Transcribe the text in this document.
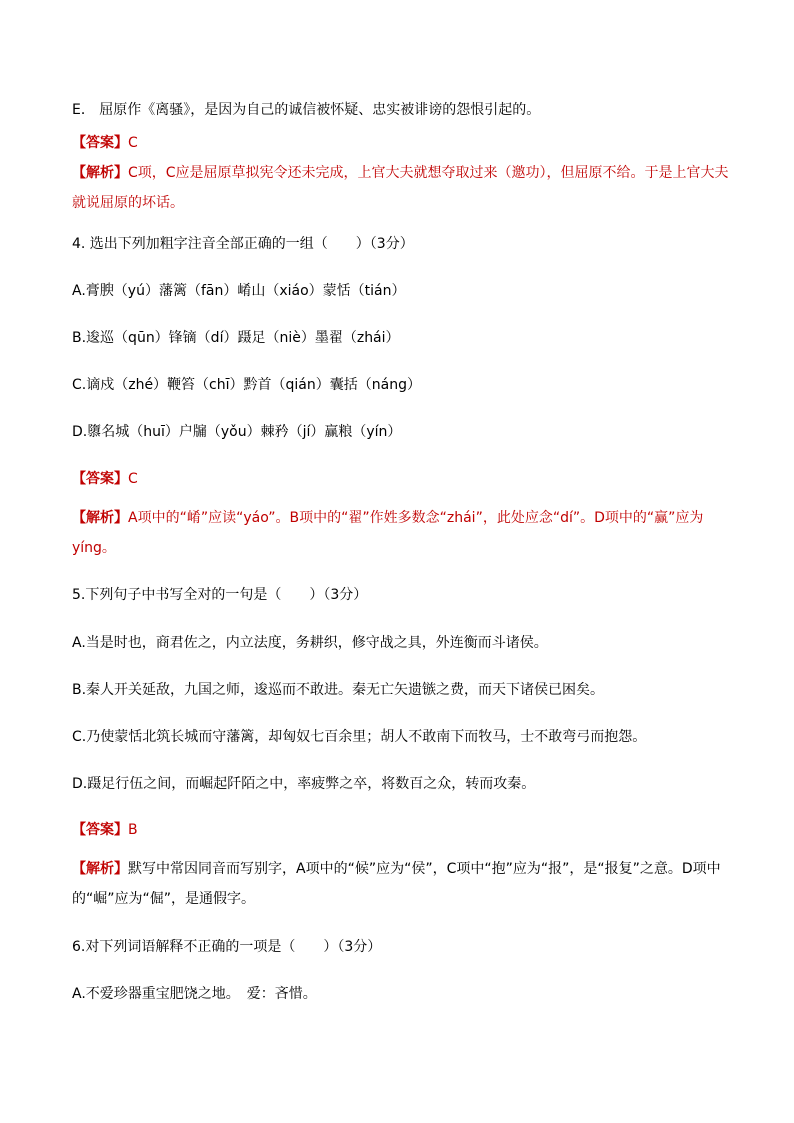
E． 屈原作《离骚》，是因为自己的诚信被怀疑、忠实被诽谤的怨恨引起的。
【答案】C
【解析】C项，C应是屈原草拟宪令还未完成，上官大夫就想夺取过来（邀功），但屈原不给。于是上官大夫就说屈原的坏话。
4. 选出下列加粗字注音全部正确的一组（　　）（3分）
A.膏腴（yú）藩篱（fān）崤山（xiáo）蒙恬（tián）
B.逡巡（qūn）锋镝（dí）蹑足（niè）墨翟（zhái）
C.谪戍（zhé）鞭笞（chī）黔首（qián）囊括（náng）
D.隳名城（huī）户牖（yǒu）棘矜（jí）赢粮（yín）
【答案】C
【解析】A项中的“崤”应读“yáo”。B项中的“翟”作姓多数念“zhái”，此处应念“dí”。D项中的“赢”应为yíng。
5.下列句子中书写全对的一句是（　　）（3分）
A.当是时也，商君佐之，内立法度，务耕织，修守战之具，外连衡而斗诸侯。
B.秦人开关延敌，九国之师，逡巡而不敢进。秦无亡矢遗镞之费，而天下诸侯已困矣。
C.乃使蒙恬北筑长城而守藩篱，却匈奴七百余里；胡人不敢南下而牧马，士不敢弯弓而抱怨。
D.蹑足行伍之间，而崛起阡陌之中，率疲弊之卒，将数百之众，转而攻秦。
【答案】B
【解析】默写中常因同音而写别字，A项中的“候”应为“侯”，C项中“抱”应为“报”，是“报复”之意。D项中的“崛”应为“倔”，是通假字。
6.对下列词语解释不正确的一项是（　　）（3分）
A.不爱珍器重宝肥饶之地。　爱：吝惜。
